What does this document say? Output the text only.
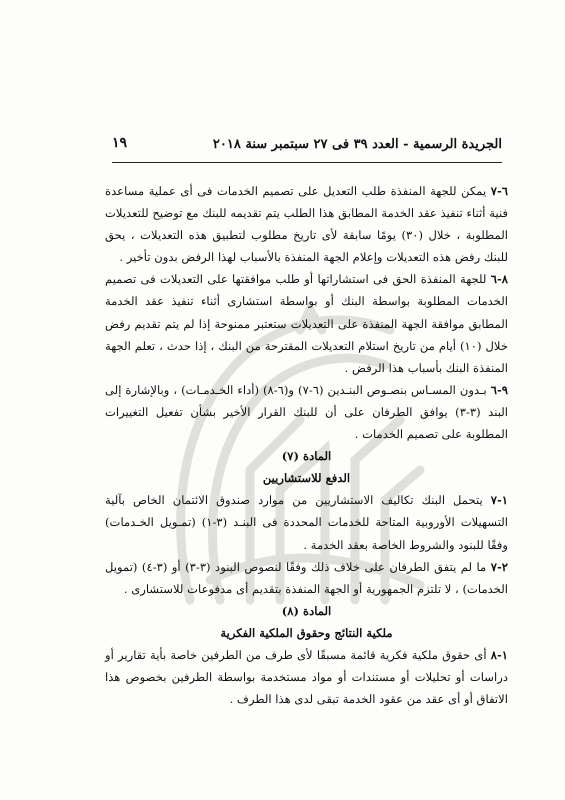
الجريدة الرسمية - العدد ٣٩ فى ٢٧ سبتمبر سنة ٢٠١٨
١٩

٦-٧ يمكن للجهة المنفذة طلب التعديل على تصميم الخدمات فى أى عملية مساعدة فنية أثناء تنفيذ عقد الخدمة المطابق هذا الطلب يتم تقديمه للبنك مع توضيح للتعديلات المطلوبة ، خلال (٣٠) يومًا سابقة لأى تاريخ مطلوب لتطبيق هذه التعديلات ، يحق للبنك رفض هذه التعديلات وإعلام الجهة المنفذة بالأسباب لهذا الرفض بدون تأخير .

٨-٦ للجهة المنفذة الحق فى استشاراتها أو طلب موافقتها على التعديلات فى تصميم الخدمات المطلوبة بواسطة البنك أو بواسطة استشارى أثناء تنفيذ عقد الخدمة المطابق موافقة الجهة المنفذة على التعديلات ستعتبر ممنوحة إذا لم يتم تقديم رفض خلال (١٠) أيام من تاريخ استلام التعديلات المقترحة من البنك ، إذا حدث ، تعلم الجهة المنفذة البنك بأسباب هذا الرفض .

٩-٦ بـدون المسـاس بنصـوص البنـدين (٦-٧) و(٦-٨) (أداء الخـدمـات) ، وبالإشارة إلى البند (٣-٣) يوافق الطرفان على أن للبنك القرار الأخير بشأن تفعيل التغييرات المطلوبة على تصميم الخدمات .

المادة (٧)

الدفع للاستشاريين

١-٧ يتحمل البنك تكاليف الاستشاريين من موارد صندوق الائتمان الخاص بآلية التسهيلات الأوروبية المتاحة للخدمات المحددة فى البنـد (٣-١) (تمـويل الخـدمات) وفقًا للبنود والشروط الخاصة بعقد الخدمة .

٢-٧ ما لم يتفق الطرفان على خلاف ذلك وفقًا لنصوص البنود (٣-٣) أو (٣-٤) (تمويل الخدمات) ، لا تلتزم الجمهورية أو الجهة المنفذة بتقديم أى مدفوعات للاستشارى .

المادة (٨)

ملكية النتائج وحقوق الملكية الفكرية

١-٨ أى حقوق ملكية فكرية قائمة مسبقًا لأى طرف من الطرفين خاصة بأية تقارير أو دراسات أو تحليلات أو مستندات أو مواد مستخدمة بواسطة الطرفين بخصوص هذا الاتفاق أو أى عقد من عقود الخدمة تبقى لدى هذا الطرف .
